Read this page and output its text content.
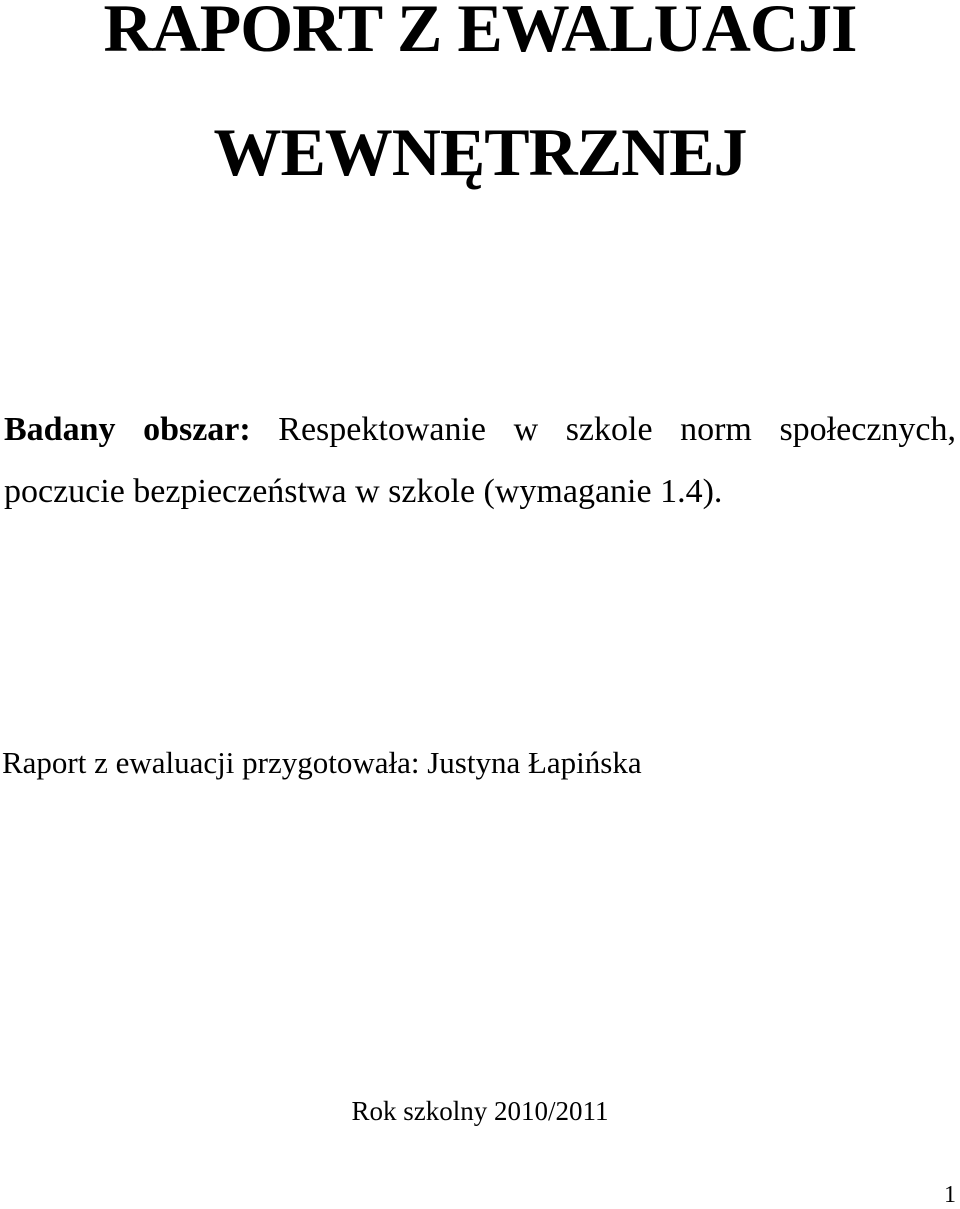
RAPORT Z EWALUACJI
WEWNĘTRZNEJ
Badany obszar: Respektowanie w szkole norm społecznych,
poczucie bezpieczeństwa w szkole (wymaganie 1.4).
Raport z ewaluacji przygotowała: Justyna Łapińska
Rok szkolny 2010/2011
1
